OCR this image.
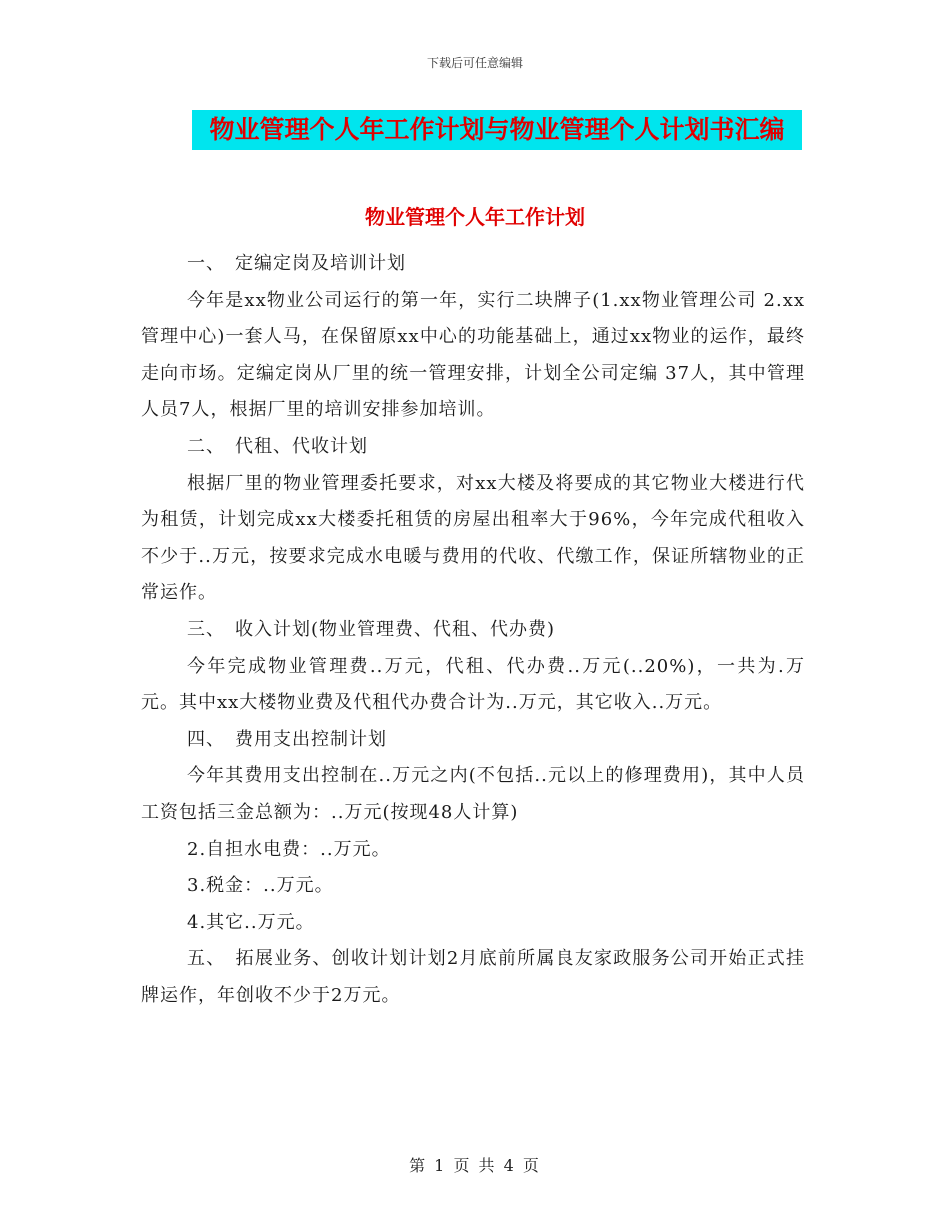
下载后可任意编辑
物业管理个人年工作计划与物业管理个人计划书汇编
物业管理个人年工作计划

一、　定编定岗及培训计划

今年是xx物业公司运行的第一年，实行二块牌子(1.xx物业管理公司 2.xx管理中心)一套人马，在保留原xx中心的功能基础上，通过xx物业的运作，最终走向市场。定编定岗从厂里的统一管理安排，计划全公司定编 37人，其中管理人员7人，根据厂里的培训安排参加培训。

二、　代租、代收计划

根据厂里的物业管理委托要求，对xx大楼及将要成的其它物业大楼进行代为租赁，计划完成xx大楼委托租赁的房屋出租率大于96%，今年完成代租收入不少于..万元，按要求完成水电暖与费用的代收、代缴工作，保证所辖物业的正常运作。

三、　收入计划(物业管理费、代租、代办费)

今年完成物业管理费..万元，代租、代办费..万元(..20%)，一共为.万元。其中xx大楼物业费及代租代办费合计为..万元，其它收入..万元。

四、　费用支出控制计划

今年其费用支出控制在..万元之内(不包括..元以上的修理费用)，其中人员工资包括三金总额为：..万元(按现48人计算)

2.自担水电费：..万元。

3.税金：..万元。

4.其它..万元。

五、　拓展业务、创收计划计划2月底前所属良友家政服务公司开始正式挂牌运作，年创收不少于2万元。

第 1 页 共 4 页
